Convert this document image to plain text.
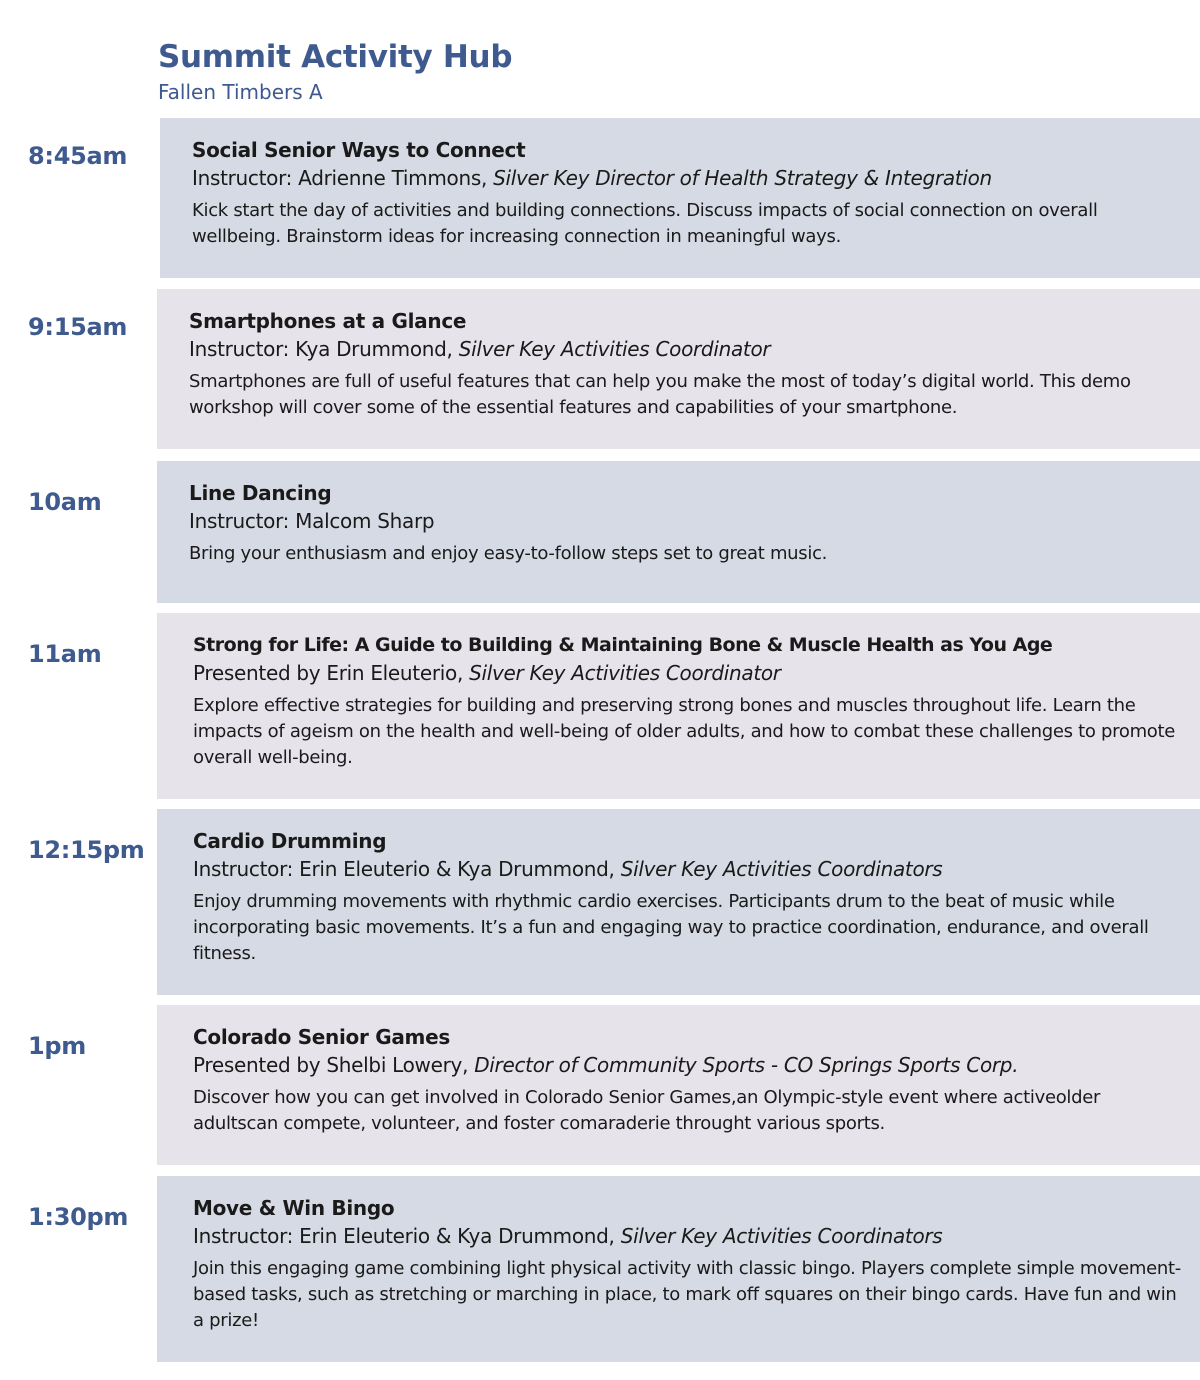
Summit Activity Hub
Fallen Timbers A
8:45am	Social Senior Ways to Connect
Instructor: Adrienne Timmons, Silver Key Director of Health Strategy & Integration
Kick start the day of activities and building connections. Discuss impacts of social connection on overall wellbeing. Brainstorm ideas for increasing connection in meaningful ways.
9:15am	Smartphones at a Glance
Instructor: Kya Drummond, Silver Key Activities Coordinator
Smartphones are full of useful features that can help you make the most of today’s digital world. This demo workshop will cover some of the essential features and capabilities of your smartphone.
10am	Line Dancing
Instructor: Malcom Sharp
Bring your enthusiasm and enjoy easy-to-follow steps set to great music.
11am	Strong for Life: A Guide to Building & Maintaining Bone & Muscle Health as You Age
Presented by Erin Eleuterio, Silver Key Activities Coordinator
Explore effective strategies for building and preserving strong bones and muscles throughout life. Learn the impacts of ageism on the health and well-being of older adults, and how to combat these challenges to promote overall well-being.
12:15pm Cardio Drumming
Instructor: Erin Eleuterio & Kya Drummond, Silver Key Activities Coordinators
Enjoy drumming movements with rhythmic cardio exercises. Participants drum to the beat of music while incorporating basic movements. It’s a fun and engaging way to practice coordination, endurance, and overall fitness.
1pm	Colorado Senior Games
Presented by Shelbi Lowery, Director of Community Sports - CO Springs Sports Corp.
Discover how you can get involved in Colorado Senior Games,an Olympic-style event where activeolder adultscan compete, volunteer, and foster comaraderie throught various sports.
1:30pm	Move & Win Bingo
Instructor: Erin Eleuterio & Kya Drummond, Silver Key Activities Coordinators
Join this engaging game combining light physical activity with classic bingo. Players complete simple movement-based tasks, such as stretching or marching in place, to mark off squares on their bingo cards. Have fun and win a prize!
